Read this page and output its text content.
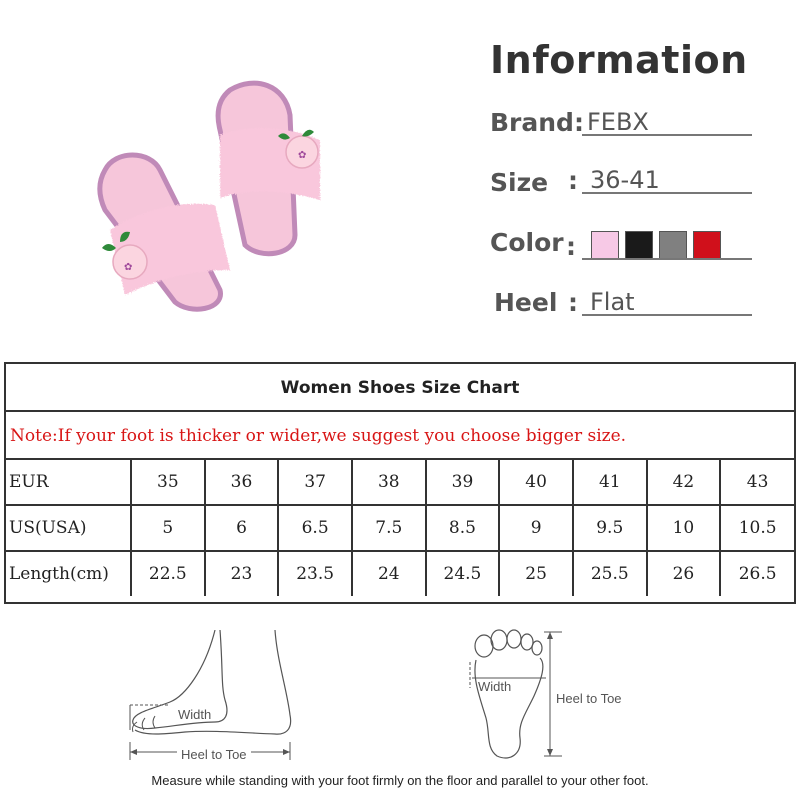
✿
✿
Information
Brand: FEBX
Size : 36-41
Color :
Heel : Flat
Women Shoes Size Chart
Note:If your foot is thicker or wider,we suggest you choose bigger size.
EUR	35	36	37	38	39	40	41	42	43
US(USA)	5	6	6.5	7.5	8.5	9	9.5	10	10.5
Length(cm)	22.5	23	23.5	24	24.5	25	25.5	26	26.5
Width
Heel to Toe
Width
Heel to Toe
Measure while standing with your foot firmly on the floor and parallel to your other foot.
